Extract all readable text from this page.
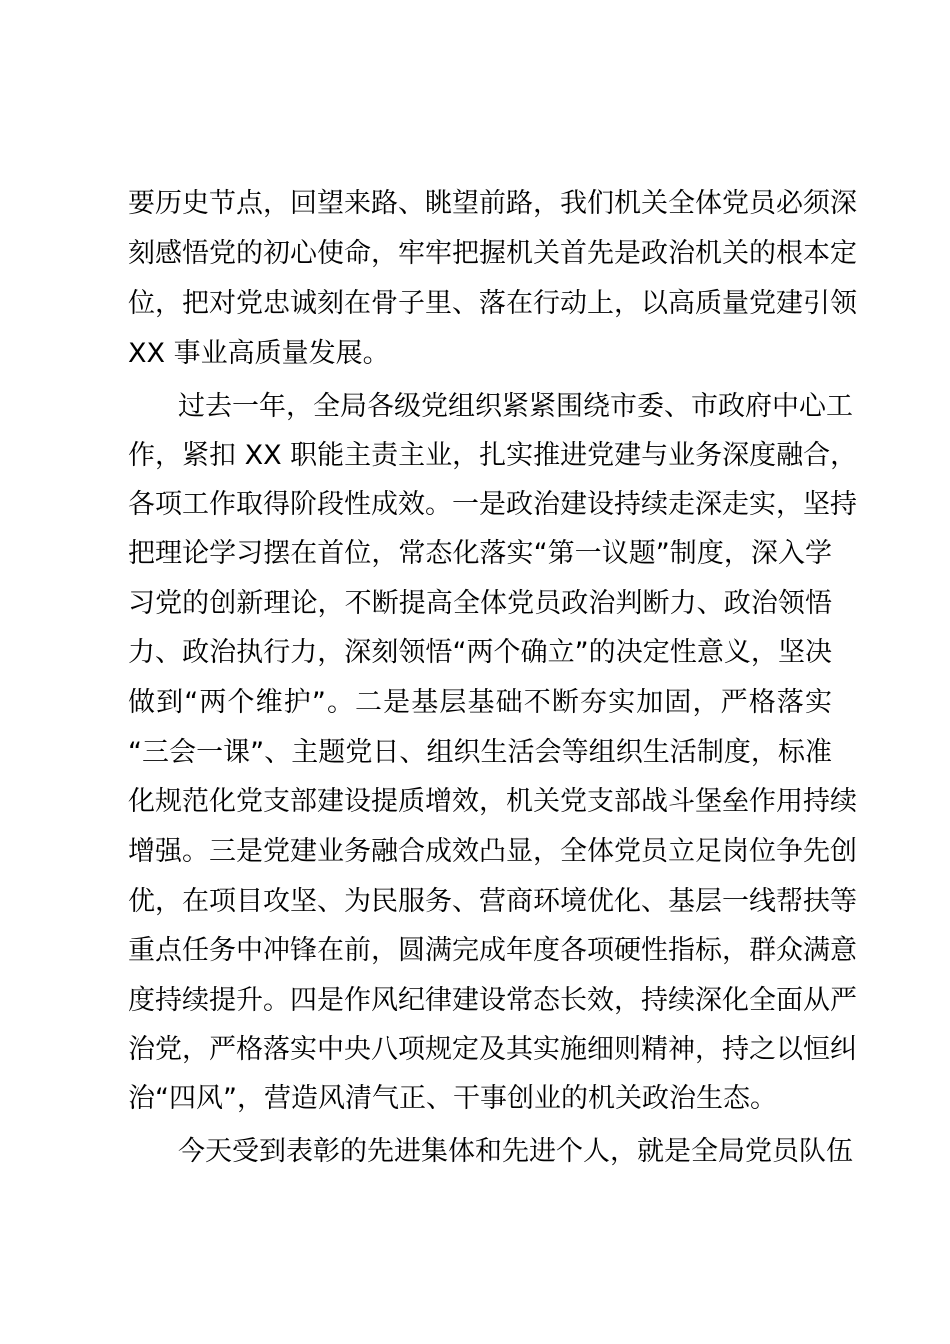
要历史节点，回望来路、眺望前路，我们机关全体党员必须深
刻感悟党的初心使命，牢牢把握机关首先是政治机关的根本定
位，把对党忠诚刻在骨子里、落在行动上，以高质量党建引领
XX 事业高质量发展。
过去一年，全局各级党组织紧紧围绕市委、市政府中心工
作，紧扣 XX 职能主责主业，扎实推进党建与业务深度融合，
各项工作取得阶段性成效。一是政治建设持续走深走实，坚持
把理论学习摆在首位，常态化落实“第一议题”制度，深入学
习党的创新理论，不断提高全体党员政治判断力、政治领悟
力、政治执行力，深刻领悟“两个确立”的决定性意义，坚决
做到“两个维护”。二是基层基础不断夯实加固，严格落实
“三会一课”、主题党日、组织生活会等组织生活制度，标准
化规范化党支部建设提质增效，机关党支部战斗堡垒作用持续
增强。三是党建业务融合成效凸显，全体党员立足岗位争先创
优，在项目攻坚、为民服务、营商环境优化、基层一线帮扶等
重点任务中冲锋在前，圆满完成年度各项硬性指标，群众满意
度持续提升。四是作风纪律建设常态长效，持续深化全面从严
治党，严格落实中央八项规定及其实施细则精神，持之以恒纠
治“四风”，营造风清气正、干事创业的机关政治生态。
今天受到表彰的先进集体和先进个人，就是全局党员队伍
